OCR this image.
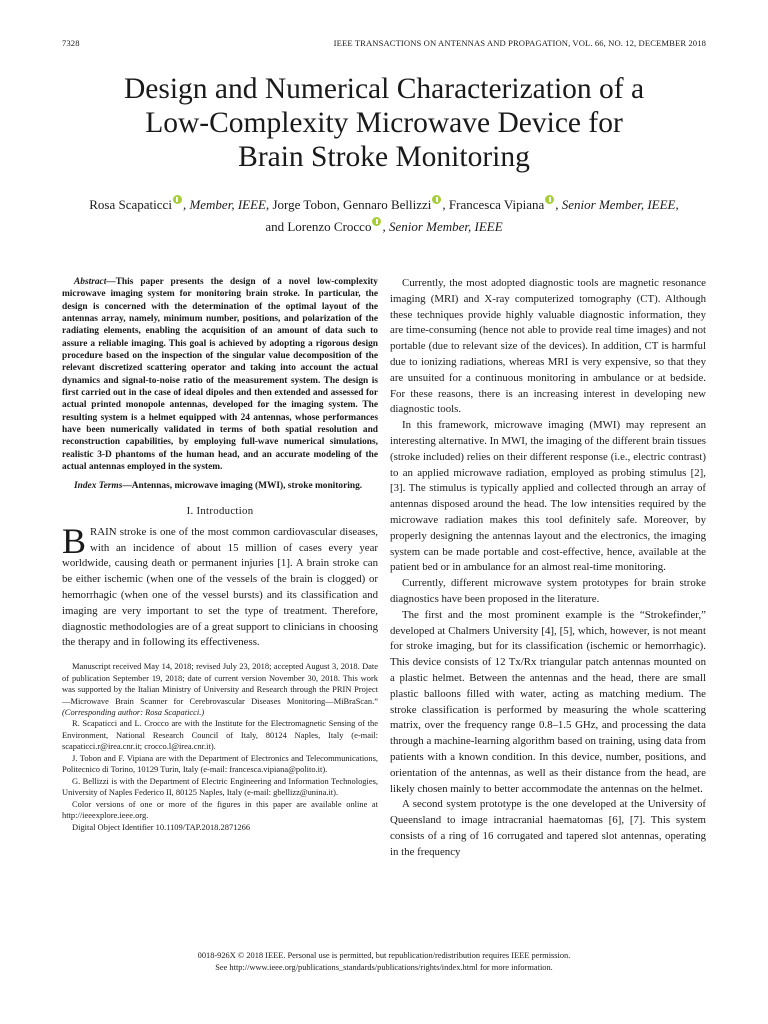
7328	IEEE TRANSACTIONS ON ANTENNAS AND PROPAGATION, VOL. 66, NO. 12, DECEMBER 2018
Design and Numerical Characterization of a
Low-Complexity Microwave Device for
Brain Stroke Monitoring
Rosa Scapaticci , Member, IEEE, Jorge Tobon, Gennaro Bellizzi , Francesca Vipiana , Senior Member, IEEE,
and Lorenzo Crocco , Senior Member, IEEE

Abstract—This paper presents the design of a novel low-complexity microwave imaging system for monitoring brain stroke. In particular, the design is concerned with the determination of the optimal layout of the antennas array, namely, minimum number, positions, and polarization of the radiating elements, enabling the acquisition of an amount of data such to assure a reliable imaging. This goal is achieved by adopting a rigorous design procedure based on the inspection of the singular value decomposition of the relevant discretized scattering operator and taking into account the actual dynamics and signal-to-noise ratio of the measurement system. The design is first carried out in the case of ideal dipoles and then extended and assessed for actual printed monopole antennas, developed for the imaging system. The resulting system is a helmet equipped with 24 antennas, whose performances have been numerically validated in terms of both spatial resolution and reconstruction capabilities, by employing full-wave numerical simulations, realistic 3-D phantoms of the human head, and an accurate modeling of the actual antennas employed in the system.

Index Terms—Antennas, microwave imaging (MWI), stroke monitoring.

I. Introduction

BRAIN stroke is one of the most common cardiovascular diseases, with an incidence of about 15 million of cases every year worldwide, causing death or permanent injuries [1]. A brain stroke can be either ischemic (when one of the vessels of the brain is clogged) or hemorrhagic (when one of the vessel bursts) and its classification and imaging are very important to set the type of treatment. Therefore, diagnostic methodologies are of a great support to clinicians in choosing the therapy and in following its effectiveness.

Manuscript received May 14, 2018; revised July 23, 2018; accepted August 3, 2018. Date of publication September 19, 2018; date of current version November 30, 2018. This work was supported by the Italian Ministry of University and Research through the PRIN Project—Microwave Brain Scanner for Cerebrovascular Diseases Monitoring—MiBraScan.” (Corresponding author: Rosa Scapaticci.)

R. Scapaticci and L. Crocco are with the Institute for the Electromagnetic Sensing of the Environment, National Research Council of Italy, 80124 Naples, Italy (e-mail: scapaticci.r@irea.cnr.it; crocco.l@irea.cnr.it).

J. Tobon and F. Vipiana are with the Department of Electronics and Telecommunications, Politecnico di Torino, 10129 Turin, Italy (e-mail: francesca.vipiana@polito.it).

G. Bellizzi is with the Department of Electric Engineering and Information Technologies, University of Naples Federico II, 80125 Naples, Italy (e-mail: gbellizz@unina.it).

Color versions of one or more of the figures in this paper are available online at http://ieeexplore.ieee.org.

Digital Object Identifier 10.1109/TAP.2018.2871266

Currently, the most adopted diagnostic tools are magnetic resonance imaging (MRI) and X-ray computerized tomography (CT). Although these techniques provide highly valuable diagnostic information, they are time-consuming (hence not able to provide real time images) and not portable (due to relevant size of the devices). In addition, CT is harmful due to ionizing radiations, whereas MRI is very expensive, so that they are unsuited for a continuous monitoring in ambulance or at bedside. For these reasons, there is an increasing interest in developing new diagnostic tools.

In this framework, microwave imaging (MWI) may represent an interesting alternative. In MWI, the imaging of the different brain tissues (stroke included) relies on their different response (i.e., electric contrast) to an applied microwave radiation, employed as probing stimulus [2], [3]. The stimulus is typically applied and collected through an array of antennas disposed around the head. The low intensities required by the microwave radiation makes this tool definitely safe. Moreover, by properly designing the antennas layout and the electronics, the imaging system can be made portable and cost-effective, hence, available at the patient bed or in ambulance for an almost real-time monitoring.

Currently, different microwave system prototypes for brain stroke diagnostics have been proposed in the literature.

The first and the most prominent example is the “Strokefinder,” developed at Chalmers University [4], [5], which, however, is not meant for stroke imaging, but for its classification (ischemic or hemorrhagic). This device consists of 12 Tx/Rx triangular patch antennas mounted on a plastic helmet. Between the antennas and the head, there are small plastic balloons filled with water, acting as matching medium. The stroke classification is performed by measuring the whole scattering matrix, over the frequency range 0.8–1.5 GHz, and processing the data through a machine-learning algorithm based on training, using data from patients with a known condition. In this device, number, positions, and orientation of the antennas, as well as their distance from the head, are likely chosen mainly to better accommodate the antennas on the helmet.

A second system prototype is the one developed at the University of Queensland to image intracranial haematomas [6], [7]. This system consists of a ring of 16 corrugated and tapered slot antennas, operating in the frequency

0018-926X © 2018 IEEE. Personal use is permitted, but republication/redistribution requires IEEE permission.
See http://www.ieee.org/publications_standards/publications/rights/index.html for more information.
